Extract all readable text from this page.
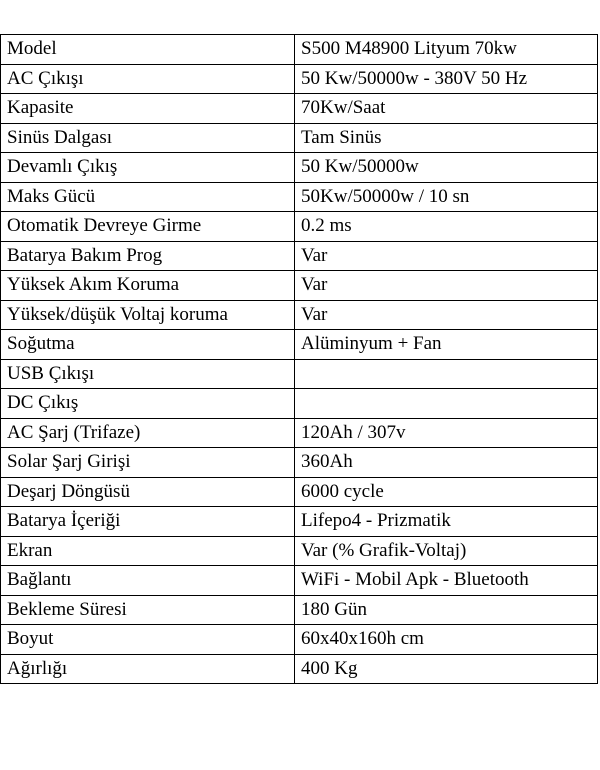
Model	S500 M48900 Lityum 70kw
AC Çıkışı	50 Kw/50000w - 380V 50 Hz
Kapasite	70Kw/Saat
Sinüs Dalgası	Tam Sinüs
Devamlı Çıkış	50 Kw/50000w
Maks Gücü	50Kw/50000w / 10 sn
Otomatik Devreye Girme	0.2 ms
Batarya Bakım Prog	Var
Yüksek Akım Koruma	Var
Yüksek/düşük Voltaj koruma	Var
Soğutma	Alüminyum + Fan
USB Çıkışı	
DC Çıkış	
AC Şarj (Trifaze)	120Ah / 307v
Solar Şarj Girişi	360Ah
Deşarj Döngüsü	6000 cycle
Batarya İçeriği	Lifepo4 - Prizmatik
Ekran	Var (% Grafik-Voltaj)
Bağlantı	WiFi - Mobil Apk - Bluetooth
Bekleme Süresi	180 Gün
Boyut	60x40x160h cm
Ağırlığı	400 Kg
